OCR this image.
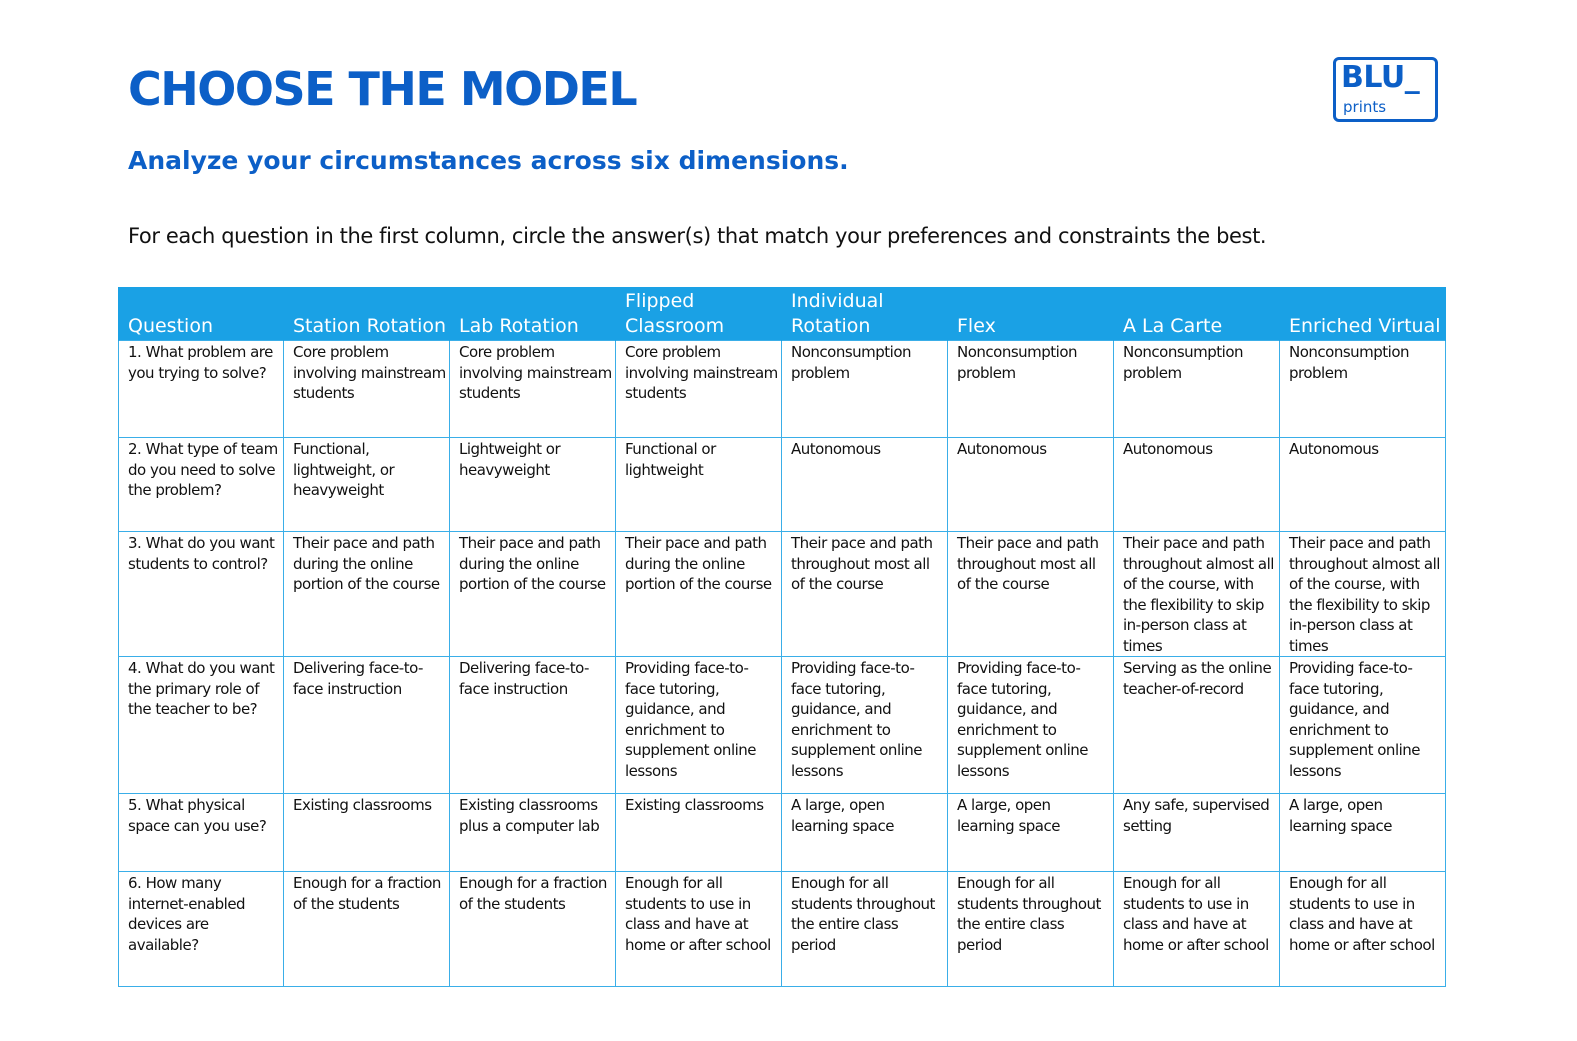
CHOOSE THE MODEL	BLU_
prints
Analyze your circumstances across six dimensions.

For each question in the first column, circle the answer(s) that match your preferences and constraints the best.

Question	Station Rotation	Lab Rotation	Flipped Classroom	Individual Rotation	Flex	A La Carte	Enriched Virtual
1. What problem are you trying to solve?	Core problem involving mainstream students	Core problem involving mainstream students	Core problem involving mainstream students	Nonconsumption problem	Nonconsumption problem	Nonconsumption problem	Nonconsumption problem
2. What type of team do you need to solve the problem?	Functional, lightweight, or heavyweight	Lightweight or heavyweight	Functional or lightweight	Autonomous	Autonomous	Autonomous	Autonomous
3. What do you want students to control?	Their pace and path during the online portion of the course	Their pace and path during the online portion of the course	Their pace and path during the online portion of the course	Their pace and path throughout most all of the course	Their pace and path throughout most all of the course	Their pace and path throughout almost all of the course, with the flexibility to skip in-person class at times	Their pace and path throughout almost all of the course, with the flexibility to skip in-person class at times
4. What do you want the primary role of the teacher to be?	Delivering face-to-face instruction	Delivering face-to-face instruction	Providing face-to-face tutoring, guidance, and enrichment to supplement online lessons	Providing face-to-face tutoring, guidance, and enrichment to supplement online lessons	Providing face-to-face tutoring, guidance, and enrichment to supplement online lessons	Serving as the online teacher-of-record	Providing face-to-face tutoring, guidance, and enrichment to supplement online lessons
5. What physical space can you use?	Existing classrooms	Existing classrooms plus a computer lab	Existing classrooms	A large, open learning space	A large, open learning space	Any safe, supervised setting	A large, open learning space
6. How many internet-enabled devices are available?	Enough for a fraction of the students	Enough for a fraction of the students	Enough for all students to use in class and have at home or after school	Enough for all students throughout the entire class period	Enough for all students throughout the entire class period	Enough for all students to use in class and have at home or after school	Enough for all students to use in class and have at home or after school
